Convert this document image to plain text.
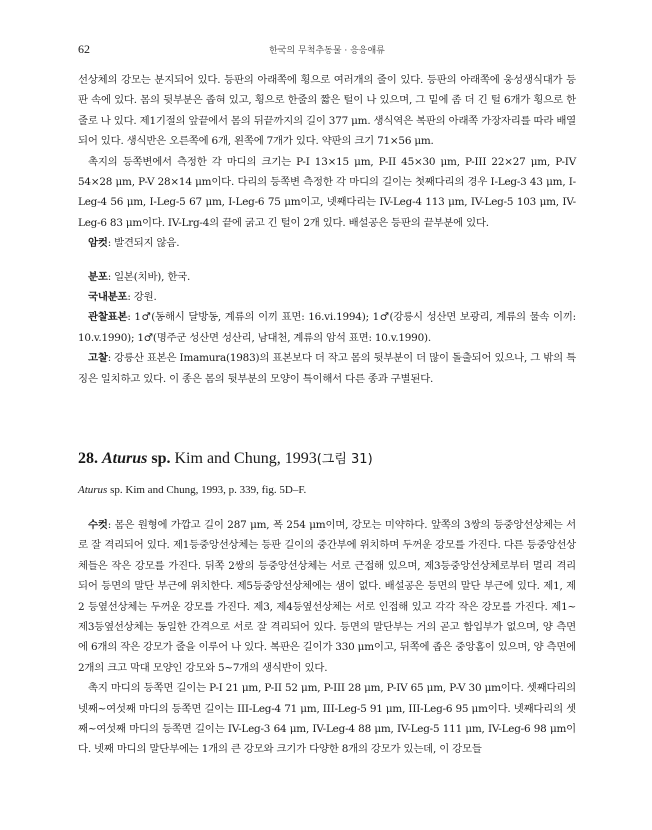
62	한국의 무척추동물 · 응응애류

선상체의 강모는 분지되어 있다. 등판의 아래쪽에 횡으로 여러개의 줄이 있다. 등판의 아래쪽에 웅성생식대가 등판 속에 있다. 몸의 뒷부분은 좁혀 있고, 횡으로 한줄의 짧은 털이 나 있으며, 그 밑에 좀 더 긴 털 6개가 횡으로 한줄로 나 있다. 제1기절의 앞끝에서 몸의 뒤끝까지의 길이 377 μm. 생식역은 복판의 아래쪽 가장자리를 따라 배열되어 있다. 생식반은 오른쪽에 6개, 왼쪽에 7개가 있다. 약판의 크기 71×56 μm.

촉지의 등쪽변에서 측정한 각 마디의 크기는 P-I 13×15 μm, P-II 45×30 μm, P-III 22×27 μm, P-IV 54×28 μm, P-V 28×14 μm이다. 다리의 등쪽변 측정한 각 마디의 길이는 첫째다리의 경우 I-Leg-3 43 μm, I-Leg-4 56 μm, I-Leg-5 67 μm, I-Leg-6 75 μm이고, 넷째다리는 IV-Leg-4 113 μm, IV-Leg-5 103 μm, IV-Leg-6 83 μm이다. IV-Lrg-4의 끝에 굵고 긴 털이 2개 있다. 배설공은 등판의 끝부분에 있다.

암컷: 발견되지 않음.

분포: 일본(치바), 한국.

국내분포: 강원.

관찰표본: 1♂(동해시 달방동, 계류의 이끼 표면: 16.vi.1994); 1♂(강릉시 성산면 보광리, 계류의 물속 이끼: 10.v.1990); 1♂(명주군 성산면 성산리, 남대천, 계류의 암석 표면: 10.v.1990).

고찰: 강릉산 표본은 Imamura(1983)의 표본보다 더 작고 몸의 뒷부분이 더 많이 돌출되어 있으나, 그 밖의 특징은 일치하고 있다. 이 종은 몸의 뒷부분의 모양이 특이해서 다른 종과 구별된다.

28. Aturus sp. Kim and Chung, 1993(그림 31)
Aturus sp. Kim and Chung, 1993, p. 339, fig. 5D–F.

수컷: 몸은 원형에 가깝고 길이 287 μm, 폭 254 μm이며, 강모는 미약하다. 앞쪽의 3쌍의 등중앙선상체는 서로 잘 격리되어 있다. 제1등중앙선상체는 등판 길이의 중간부에 위치하며 두꺼운 강모를 가진다. 다른 등중앙선상체들은 작은 강모를 가진다. 뒤쪽 2쌍의 등중앙선상체는 서로 근접해 있으며, 제3등중앙선상체로부터 멀리 격리되어 등면의 말단 부근에 위치한다. 제5등중앙선상체에는 샘이 없다. 배설공은 등면의 말단 부근에 있다. 제1, 제2 등옆선상체는 두꺼운 강모를 가진다. 제3, 제4등옆선상체는 서로 인접해 있고 각각 작은 강모를 가진다. 제1~제3등옆선상체는 동일한 간격으로 서로 잘 격리되어 있다. 등면의 말단부는 거의 곧고 함입부가 없으며, 양 측면에 6개의 작은 강모가 줄을 이루어 나 있다. 복판은 길이가 330 μm이고, 뒤쪽에 좁은 중앙홈이 있으며, 양 측면에 2개의 크고 막대 모양인 강모와 5~7개의 생식반이 있다.

촉지 마디의 등쪽면 길이는 P-I 21 μm, P-II 52 μm, P-III 28 μm, P-IV 65 μm, P-V 30 μm이다. 셋째다리의 넷째~여섯째 마디의 등쪽면 길이는 III-Leg-4 71 μm, III-Leg-5 91 μm, III-Leg-6 95 μm이다. 넷째다리의 셋째~여섯째 마디의 등쪽면 길이는 IV-Leg-3 64 μm, IV-Leg-4 88 μm, IV-Leg-5 111 μm, IV-Leg-6 98 μm이다. 넷째 마디의 말단부에는 1개의 큰 강모와 크기가 다양한 8개의 강모가 있는데, 이 강모들
